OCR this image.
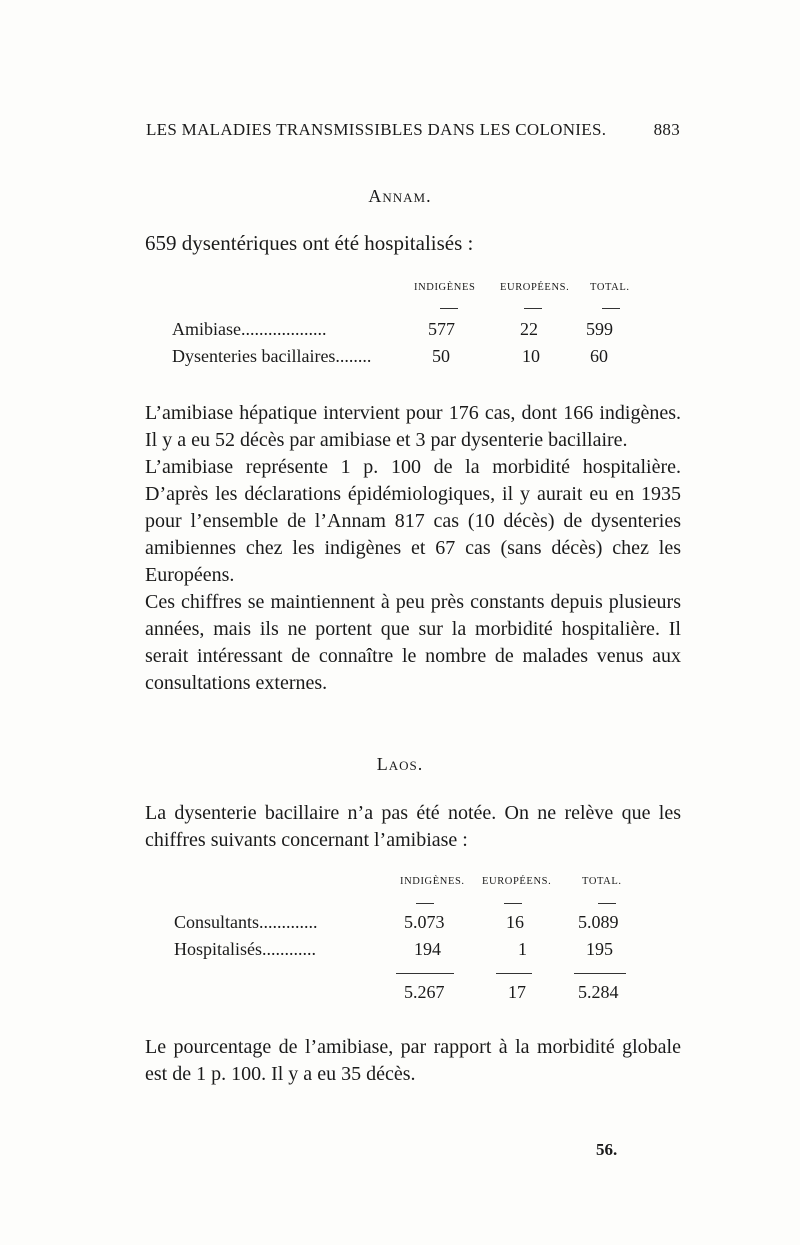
LES MALADIES TRANSMISSIBLES DANS LES COLONIES.	883
Annam.

659 dysentériques ont été hospitalisés :

INDIGÈNES EUROPÉENS. TOTAL.
Amibiase...................	577	22	599
Dysenteries bacillaires........	50	10	60

L’amibiase hépatique intervient pour 176 cas, dont 166 indigènes. Il y a eu 52 décès par amibiase et 3 par dysenterie bacillaire.

L’amibiase représente 1 p. 100 de la morbidité hospitalière. D’après les déclarations épidémiologiques, il y aurait eu en 1935 pour l’ensemble de l’Annam 817 cas (10 décès) de dysenteries amibiennes chez les indigènes et 67 cas (sans décès) chez les Européens.

Ces chiffres se maintiennent à peu près constants depuis plusieurs années, mais ils ne portent que sur la morbidité hospitalière. Il serait intéressant de connaître le nombre de malades venus aux consultations externes.

Laos.

La dysenterie bacillaire n’a pas été notée. On ne relève que les chiffres suivants concernant l’amibiase :

INDIGÈNES. EUROPÉENS.	TOTAL.
Consultants.............	5.073	16	5.089
Hospitalisés............	194	1	195
5.267	17	5.284

Le pourcentage de l’amibiase, par rapport à la morbidité globale est de 1 p. 100. Il y a eu 35 décès.

56.
